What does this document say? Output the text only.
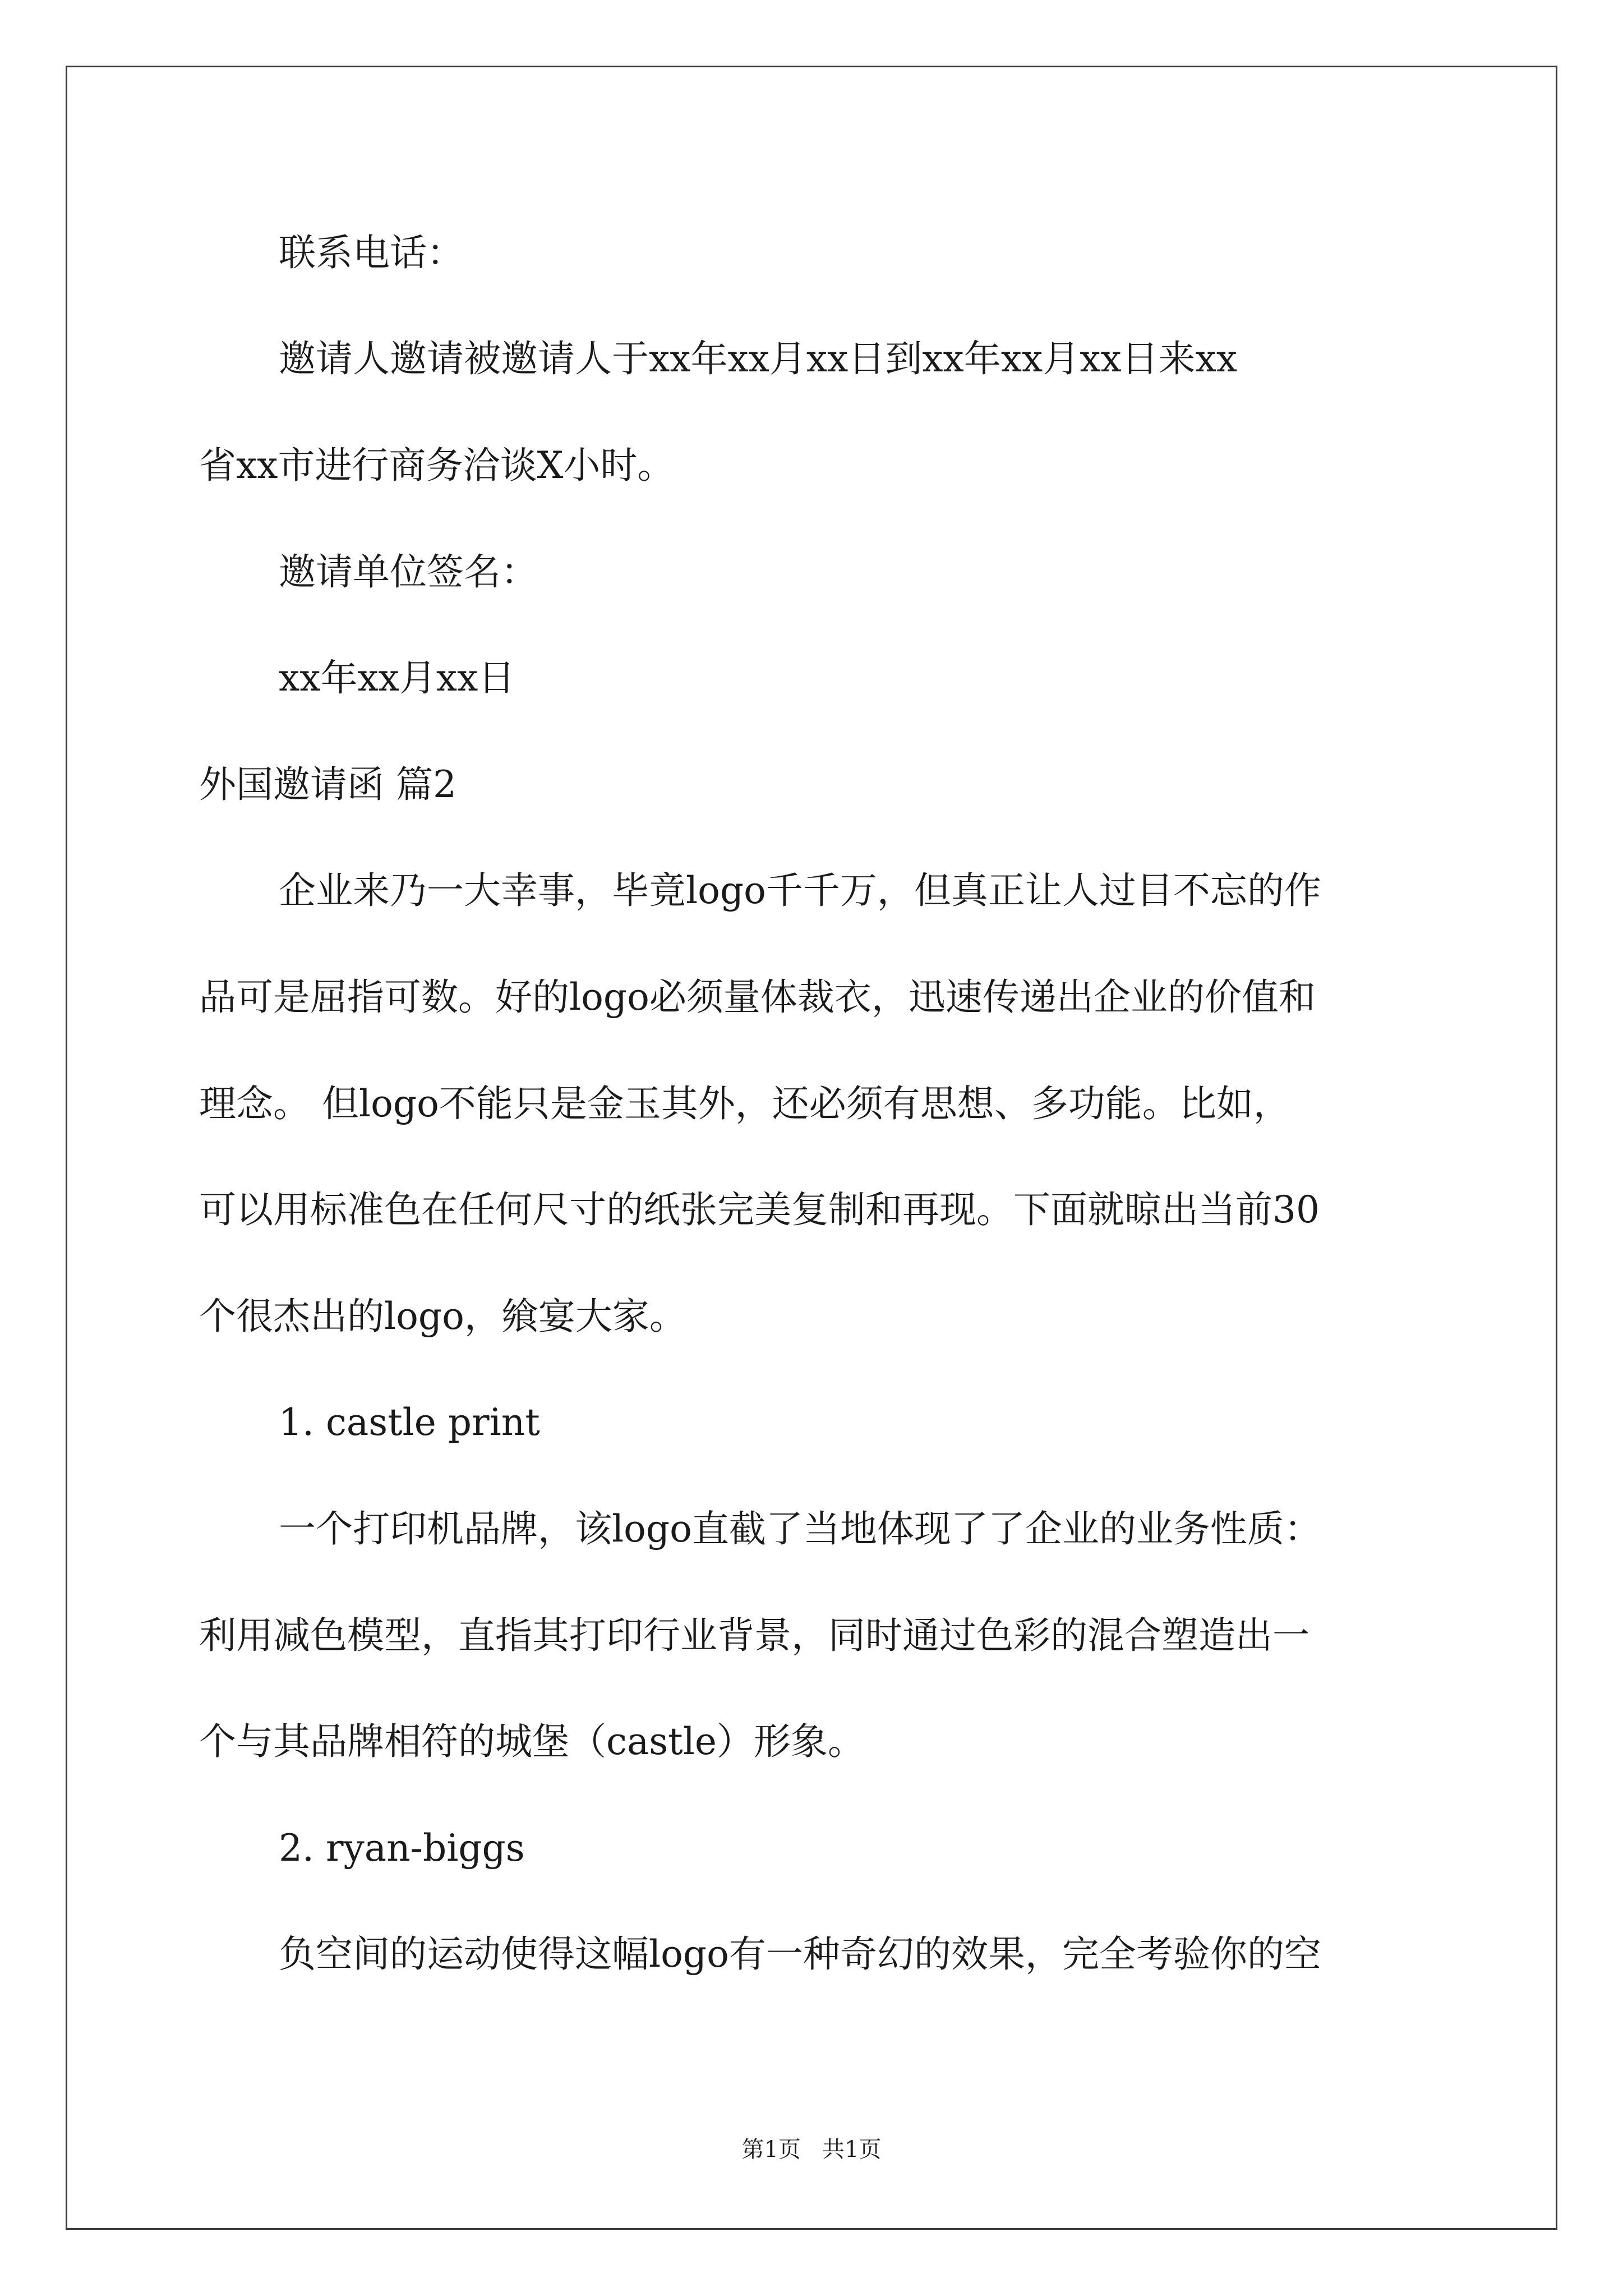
联系电话：

邀请人邀请被邀请人于xx年xx月xx日到xx年xx月xx日来xx

省xx市进行商务洽谈X小时。

邀请单位签名：

xx年xx月xx日

外国邀请函 篇2

企业来乃一大幸事，毕竟logo千千万，但真正让人过目不忘的作

品可是屈指可数。好的logo必须量体裁衣，迅速传递出企业的价值和

理念。 但logo不能只是金玉其外，还必须有思想、多功能。比如，

可以用标准色在任何尺寸的纸张完美复制和再现。下面就晾出当前30

个很杰出的logo，飨宴大家。

1. castle print

一个打印机品牌，该logo直截了当地体现了了企业的业务性质：

利用减色模型，直指其打印行业背景，同时通过色彩的混合塑造出一

个与其品牌相符的城堡（castle）形象。

2. ryan-biggs

负空间的运动使得这幅logo有一种奇幻的效果，完全考验你的空

第1页   共1页
